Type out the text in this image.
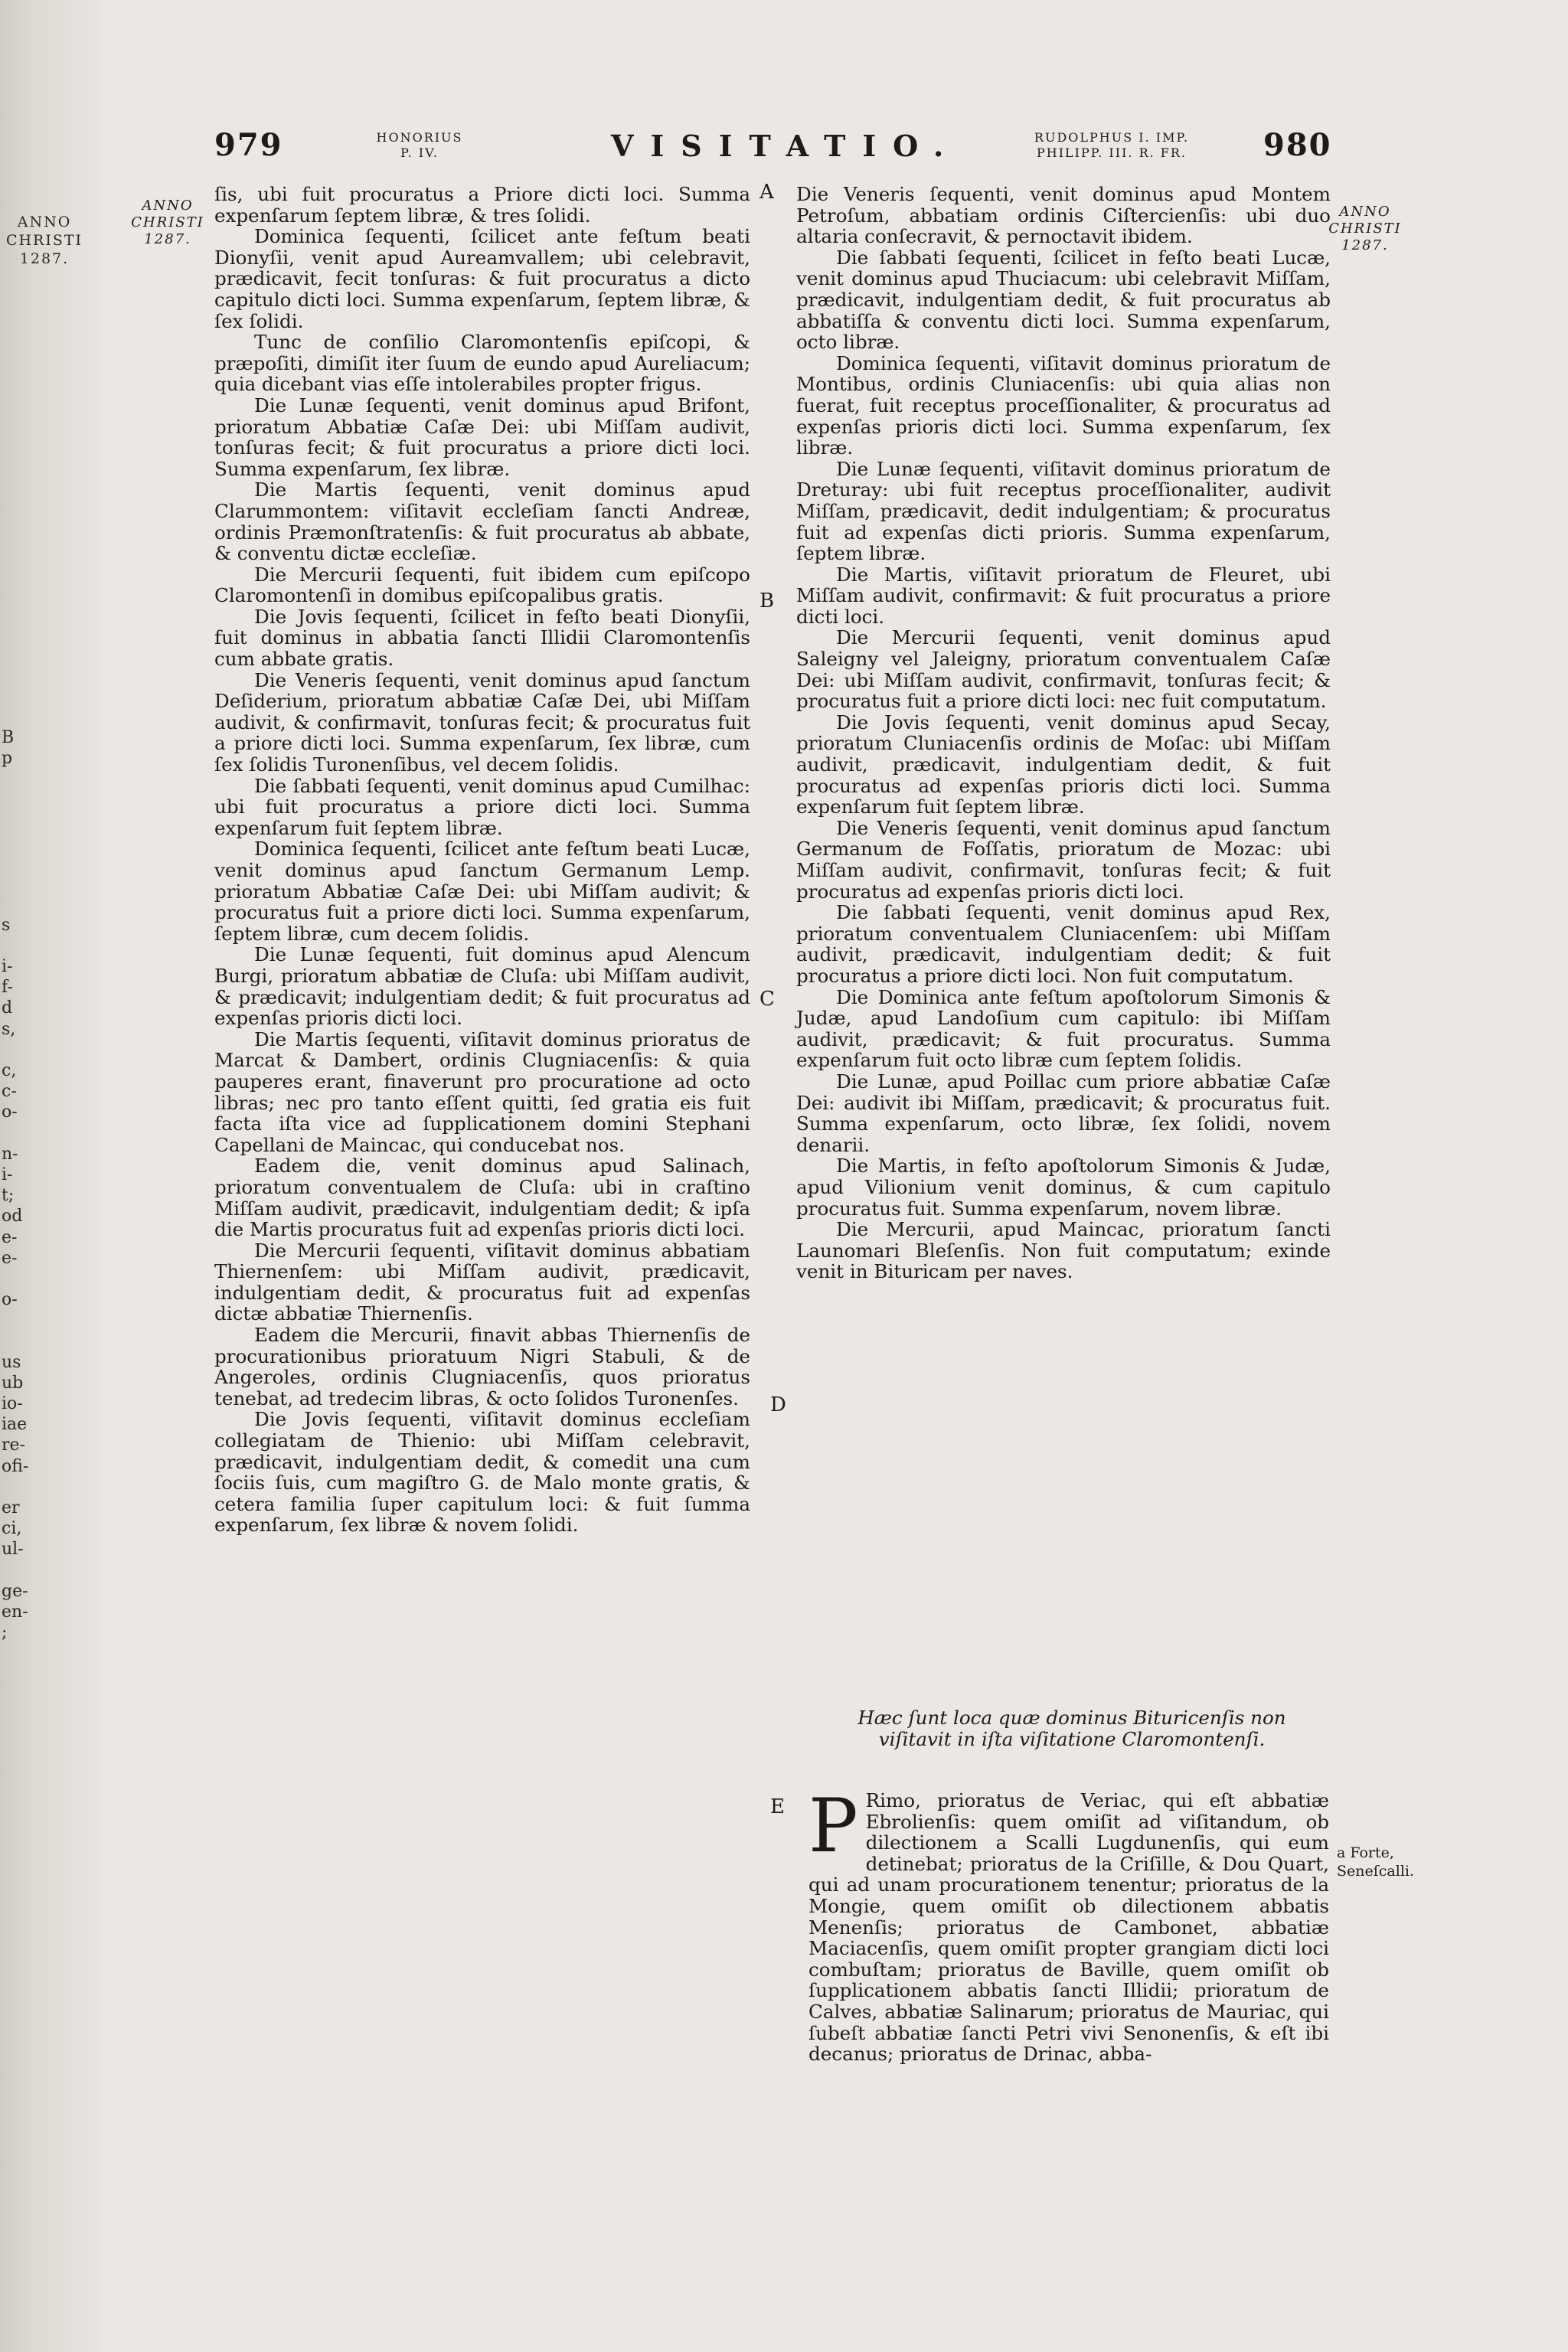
ANNO
CHRISTI
1287.
B
p
s
i-
f-
d
s,
c,
c-
o-
n-
i-
t;
od
e-
e-
o-
us
ub
io-
iae
re-
ofi-
er
ci,
ul-
ge-
en-
;
979	HONORIUS
P. IV.	VISITATIO.	RUDOLPHUS I. IMP.
PHILIPP. III. R. FR.	980
ANNO
CHRISTI
1287.
ANNO
CHRISTI
1287.
A
B
C
D
E

ſis, ubi fuit procuratus a Priore dicti loci. Summa expenſarum ſeptem libræ, & tres ſolidi.

Dominica ſequenti, ſcilicet ante feſtum beati Dionyſii, venit apud Aureamvallem; ubi celebravit, prædicavit, fecit tonſuras: & fuit procuratus a dicto capitulo dicti loci. Summa expenſarum, ſeptem libræ, & ſex ſolidi.

Tunc de conſilio Claromontenſis epiſcopi, & præpoſiti, dimiſit iter ſuum de eundo apud Aureliacum; quia dicebant vias eſſe intolerabiles propter frigus.

Die Lunæ ſequenti, venit dominus apud Brifont, prioratum Abbatiæ Caſæ Dei: ubi Miſſam audivit, tonſuras fecit; & fuit procuratus a priore dicti loci. Summa expenſarum, ſex libræ.

Die Martis ſequenti, venit dominus apud Clarummontem: viſitavit eccleſiam ſancti Andreæ, ordinis Præmonſtratenſis: & fuit procuratus ab abbate, & conventu dictæ eccleſiæ.

Die Mercurii ſequenti, fuit ibidem cum epiſcopo Claromontenſi in domibus epiſcopalibus gratis.

Die Jovis ſequenti, ſcilicet in feſto beati Dionyſii, fuit dominus in abbatia ſancti Illidii Claromontenſis cum abbate gratis.

Die Veneris ſequenti, venit dominus apud ſanctum Deſiderium, prioratum abbatiæ Caſæ Dei, ubi Miſſam audivit, & confirmavit, tonſuras fecit; & procuratus fuit a priore dicti loci. Summa expenſarum, ſex libræ, cum ſex ſolidis Turonenſibus, vel decem ſolidis.

Die ſabbati ſequenti, venit dominus apud Cumilhac: ubi fuit procuratus a priore dicti loci. Summa expenſarum fuit ſeptem libræ.

Dominica ſequenti, ſcilicet ante feſtum beati Lucæ, venit dominus apud ſanctum Germanum Lemp. prioratum Abbatiæ Caſæ Dei: ubi Miſſam audivit; & procuratus fuit a priore dicti loci. Summa expenſarum, ſeptem libræ, cum decem ſolidis.

Die Lunæ ſequenti, fuit dominus apud Alencum Burgi, prioratum abbatiæ de Cluſa: ubi Miſſam audivit, & prædicavit; indulgentiam dedit; & fuit procuratus ad expenſas prioris dicti loci.

Die Martis ſequenti, viſitavit dominus prioratus de Marcat & Dambert, ordinis Clugniacenſis: & quia pauperes erant, finaverunt pro procuratione ad octo libras; nec pro tanto eſſent quitti, ſed gratia eis fuit facta iſta vice ad ſupplicationem domini Stephani Capellani de Maincac, qui conducebat nos.

Eadem die, venit dominus apud Salinach, prioratum conventualem de Cluſa: ubi in craſtino Miſſam audivit, prædicavit, indulgentiam dedit; & ipſa die Martis procuratus fuit ad expenſas prioris dicti loci.

Die Mercurii ſequenti, viſitavit dominus abbatiam Thiernenſem: ubi Miſſam audivit, prædicavit, indulgentiam dedit, & procuratus fuit ad expenſas dictæ abbatiæ Thiernenſis.

Eadem die Mercurii, finavit abbas Thiernenſis de procurationibus prioratuum Nigri Stabuli, & de Angeroles, ordinis Clugniacenſis, quos prioratus tenebat, ad tredecim libras, & octo ſolidos Turonenſes.

Die Jovis ſequenti, viſitavit dominus eccleſiam collegiatam de Thienio: ubi Miſſam celebravit, prædicavit, indulgentiam dedit, & comedit una cum ſociis ſuis, cum magiſtro G. de Malo monte gratis, & cetera familia ſuper capitulum loci: & fuit ſumma expenſarum, ſex libræ & novem ſolidi.

Die Veneris ſequenti, venit dominus apud Montem Petroſum, abbatiam ordinis Ciſtercienſis: ubi duo altaria conſecravit, & pernoctavit ibidem.

Die ſabbati ſequenti, ſcilicet in feſto beati Lucæ, venit dominus apud Thuciacum: ubi celebravit Miſſam, prædicavit, indulgentiam dedit, & fuit procuratus ab abbatiſſa & conventu dicti loci. Summa expenſarum, octo libræ.

Dominica ſequenti, viſitavit dominus prioratum de Montibus, ordinis Cluniacenſis: ubi quia alias non fuerat, fuit receptus proceſſionaliter, & procuratus ad expenſas prioris dicti loci. Summa expenſarum, ſex libræ.

Die Lunæ ſequenti, viſitavit dominus prioratum de Dreturay: ubi fuit receptus proceſſionaliter, audivit Miſſam, prædicavit, dedit indulgentiam; & procuratus fuit ad expenſas dicti prioris. Summa expenſarum, ſeptem libræ.

Die Martis, viſitavit prioratum de Fleuret, ubi Miſſam audivit, confirmavit: & fuit procuratus a priore dicti loci.

Die Mercurii ſequenti, venit dominus apud Saleigny vel Jaleigny, prioratum conventualem Caſæ Dei: ubi Miſſam audivit, confirmavit, tonſuras fecit; & procuratus fuit a priore dicti loci: nec fuit computatum.

Die Jovis ſequenti, venit dominus apud Secay, prioratum Cluniacenſis ordinis de Moſac: ubi Miſſam audivit, prædicavit, indulgentiam dedit, & fuit procuratus ad expenſas prioris dicti loci. Summa expenſarum fuit ſeptem libræ.

Die Veneris ſequenti, venit dominus apud ſanctum Germanum de Foſſatis, prioratum de Mozac: ubi Miſſam audivit, confirmavit, tonſuras fecit; & fuit procuratus ad expenſas prioris dicti loci.

Die ſabbati ſequenti, venit dominus apud Rex, prioratum conventualem Cluniacenſem: ubi Miſſam audivit, prædicavit, indulgentiam dedit; & fuit procuratus a priore dicti loci. Non fuit computatum.

Die Dominica ante feſtum apoſtolorum Simonis & Judæ, apud Landoſium cum capitulo: ibi Miſſam audivit, prædicavit; & fuit procuratus. Summa expenſarum fuit octo libræ cum ſeptem ſolidis.

Die Lunæ, apud Poillac cum priore abbatiæ Caſæ Dei: audivit ibi Miſſam, prædicavit; & procuratus fuit. Summa expenſarum, octo libræ, ſex ſolidi, novem denarii.

Die Martis, in feſto apoſtolorum Simonis & Judæ, apud Vilionium venit dominus, & cum capitulo procuratus fuit. Summa expenſarum, novem libræ.

Die Mercurii, apud Maincac, prioratum ſancti Launomari Bleſenſis. Non fuit computatum; exinde venit in Bituricam per naves.

Hæc ſunt loca quæ dominus Bituricenſis non viſitavit in iſta viſitatione Claromontenſi.
P Rimo, prioratus de Veriac, qui eſt abbatiæ Ebrolienſis: quem omiſit ad viſitandum, ob dilectionem a Scalli Lugdunenſis, qui eum detinebat; prioratus de la Criſille, & Dou Quart, qui ad unam procurationem tenentur; prioratus de la Mongie, quem omiſit ob dilectionem abbatis Menenſis; prioratus de Cambonet, abbatiæ Maciacenſis, quem omiſit propter grangiam dicti loci combuſtam; prioratus de Baville, quem omiſit ob ſupplicationem abbatis ſancti Illidii; prioratum de Calves, abbatiæ Salinarum; prioratus de Mauriac, qui ſubeſt abbatiæ ſancti Petri vivi Senonenſis, & eſt ibi decanus; prioratus de Drinac, abba-
a Forte, Seneſcalli.
